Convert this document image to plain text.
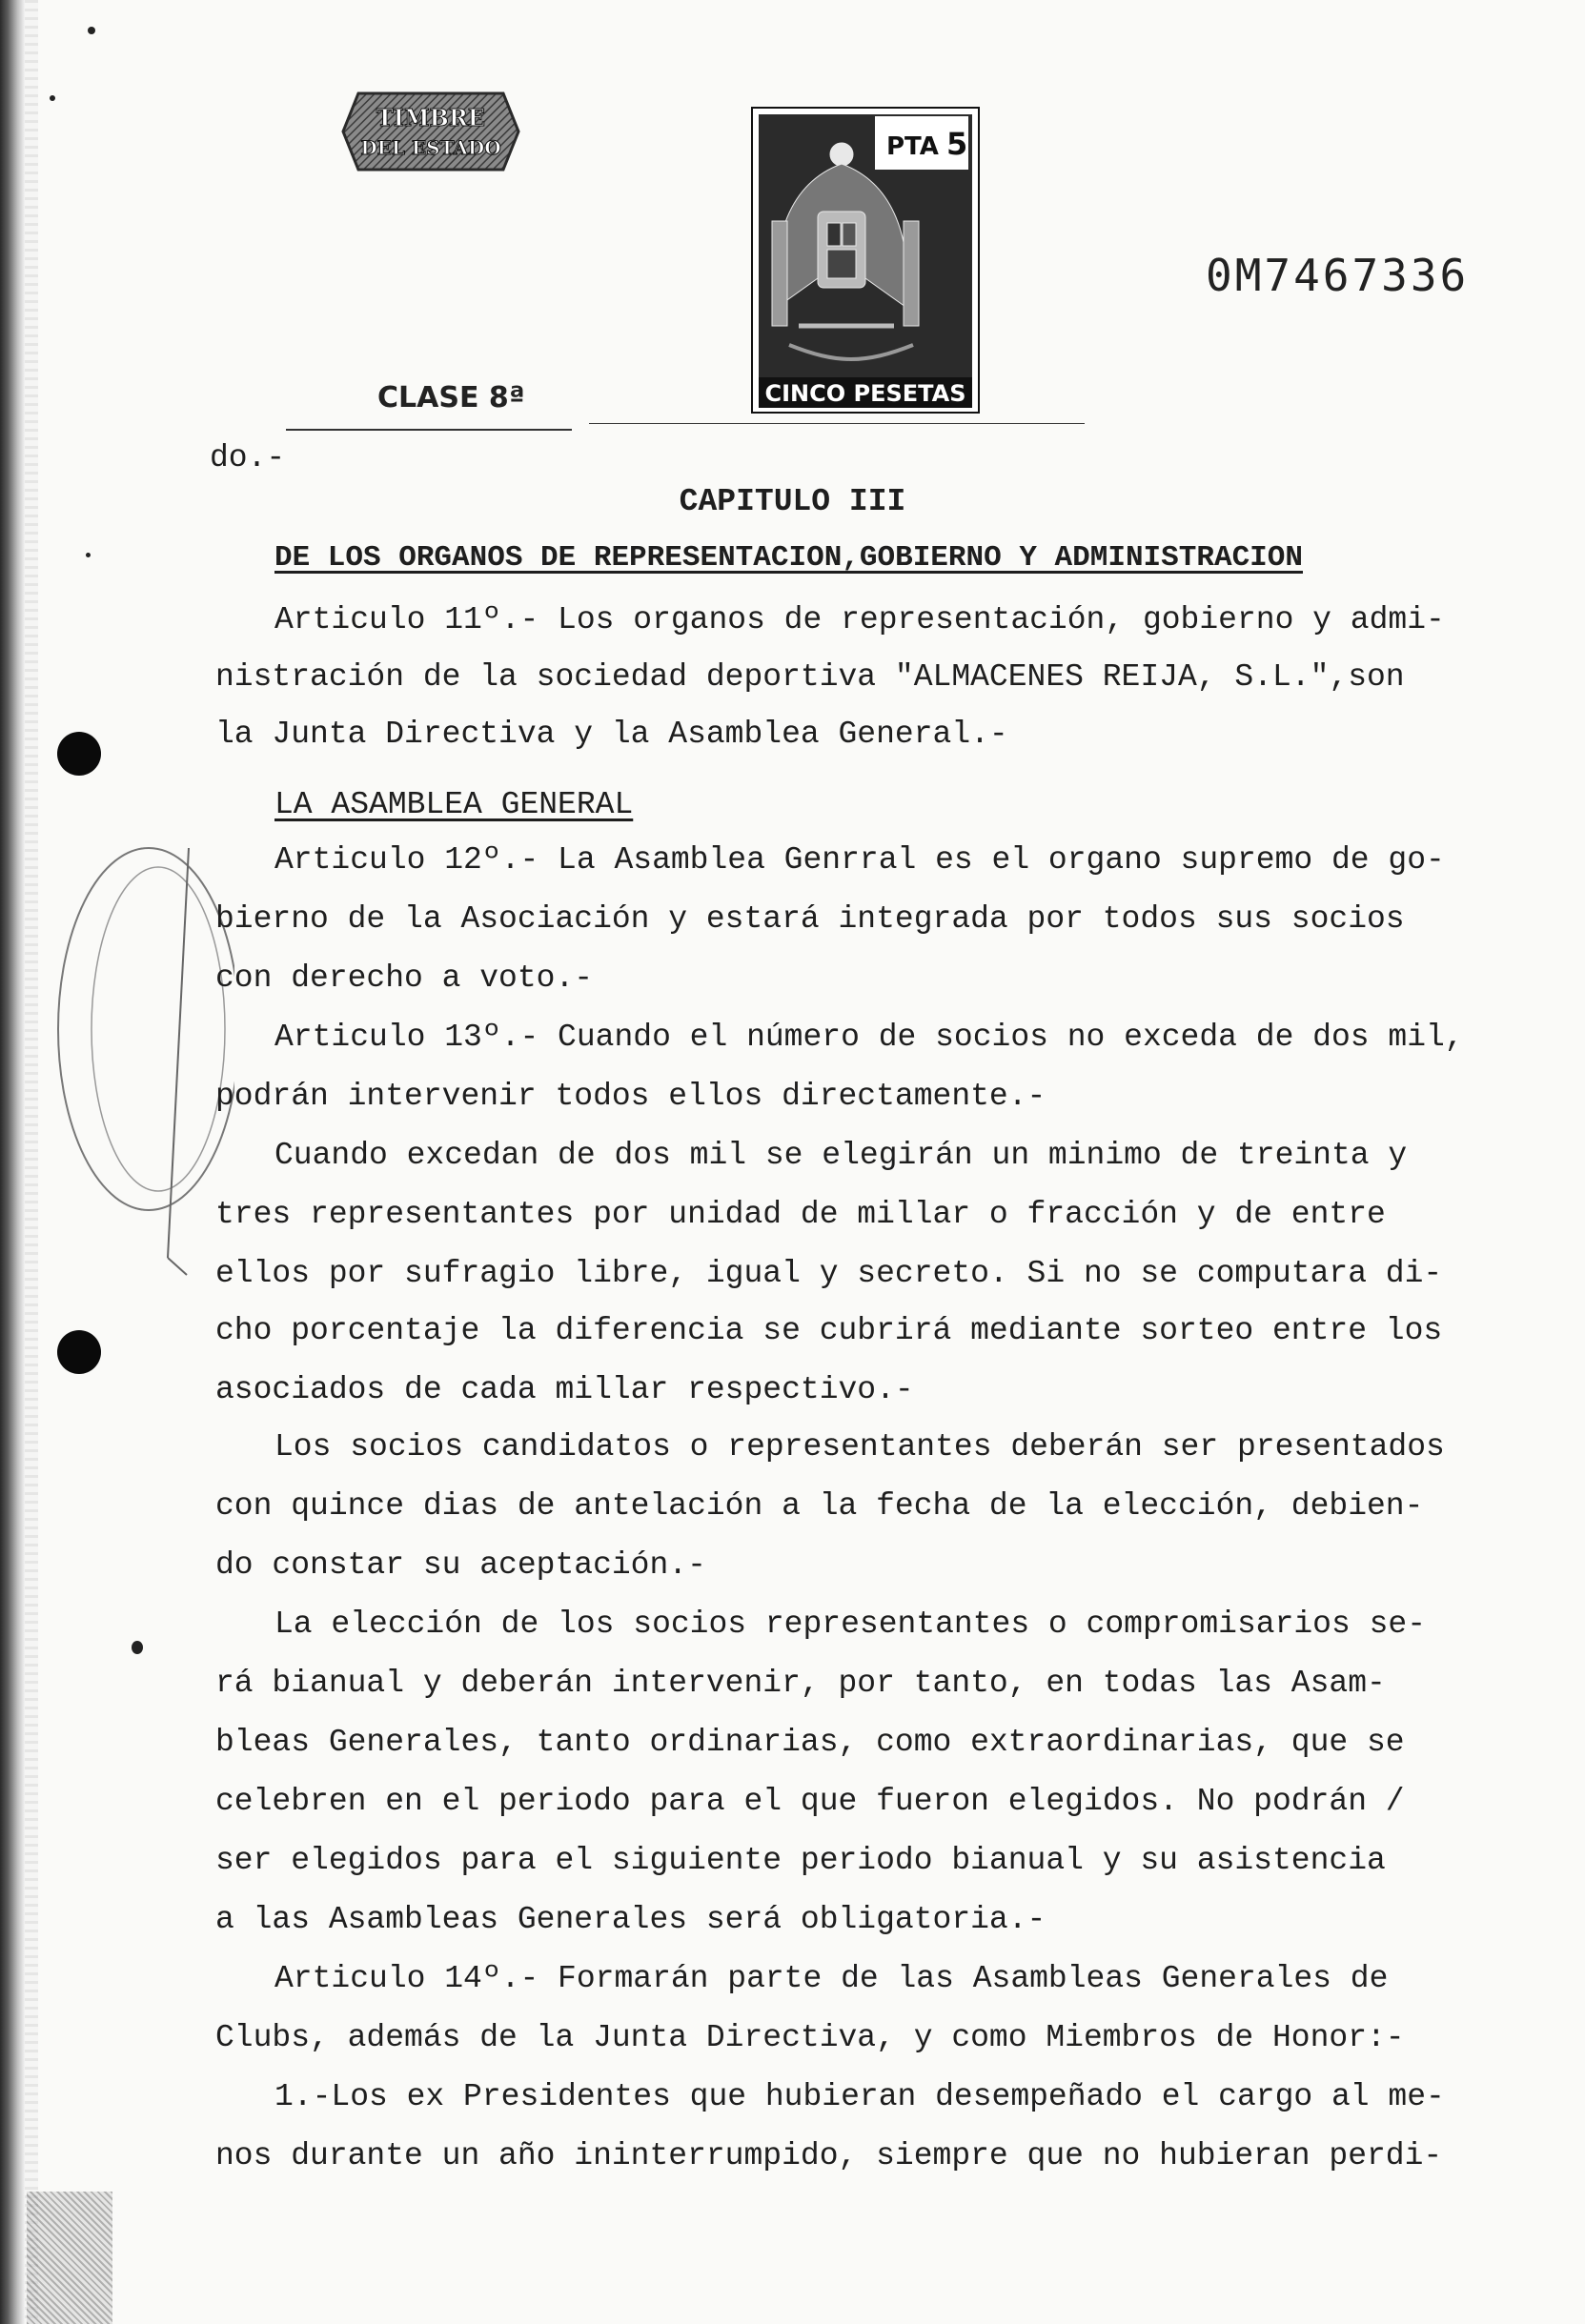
TIMBRE
DEL ESTADO	PTA 5
CINCO PESETAS
0M7467336
CLASE 8ª
do.-
CAPITULO III
DE LOS ORGANOS DE REPRESENTACION,GOBIERNO Y ADMINISTRACION
Articulo 11º.- Los organos de representación, gobierno y admi-
nistración de la sociedad deportiva "ALMACENES REIJA, S.L.",son
la Junta Directiva y la Asamblea General.-
LA ASAMBLEA GENERAL
Articulo 12º.- La Asamblea Genrral es el organo supremo de go-
bierno de la Asociación y estará integrada por todos sus socios
con derecho a voto.-
Articulo 13º.- Cuando el número de socios no exceda de dos mil,
podrán intervenir todos ellos directamente.-
Cuando excedan de dos mil se elegirán un minimo de treinta y
tres representantes por unidad de millar o fracción y de entre
ellos por sufragio libre, igual y secreto. Si no se computara di-
cho porcentaje la diferencia se cubrirá mediante sorteo entre los
asociados de cada millar respectivo.-
Los socios candidatos o representantes deberán ser presentados
con quince dias de antelación a la fecha de la elección, debien-
do constar su aceptación.-
La elección de los socios representantes o compromisarios se-
rá bianual y deberán intervenir, por tanto, en todas las Asam-
bleas Generales, tanto ordinarias, como extraordinarias, que se
celebren en el periodo para el que fueron elegidos. No podrán /
ser elegidos para el siguiente periodo bianual y su asistencia
a las Asambleas Generales será obligatoria.-
Articulo 14º.- Formarán parte de las Asambleas Generales de
Clubs, además de la Junta Directiva, y como Miembros de Honor:-
1.-Los ex Presidentes que hubieran desempeñado el cargo al me-
nos durante un año ininterrumpido, siempre que no hubieran perdi-
